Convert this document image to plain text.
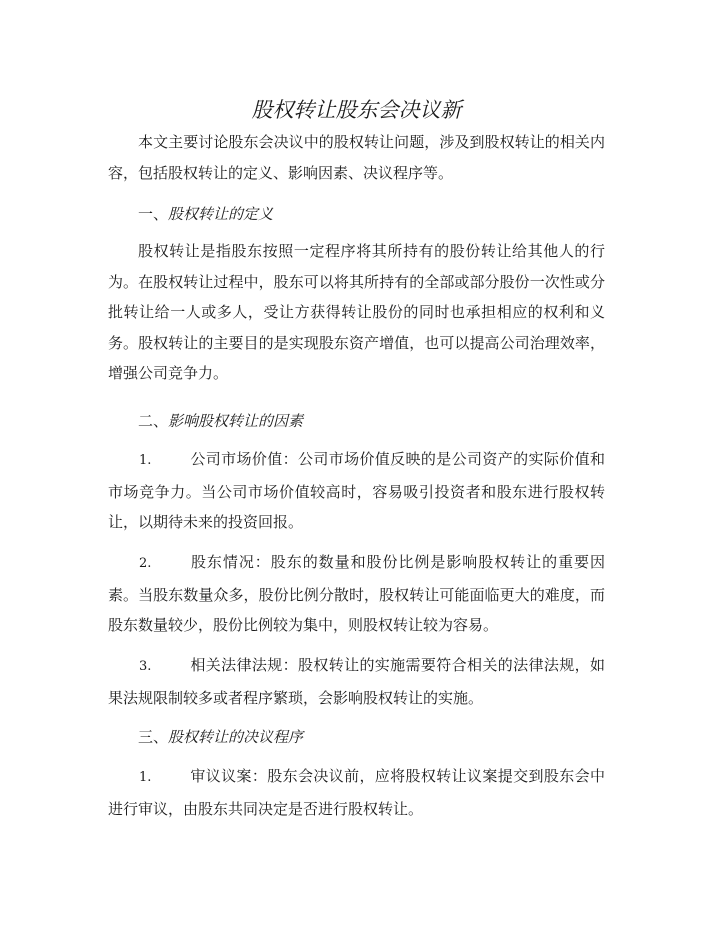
股权转让股东会决议新

本文主要讨论股东会决议中的股权转让问题，涉及到股权转让的相关内容，包括股权转让的定义、影响因素、决议程序等。

一、股权转让的定义

股权转让是指股东按照一定程序将其所持有的股份转让给其他人的行为。在股权转让过程中，股东可以将其所持有的全部或部分股份一次性或分批转让给一人或多人，受让方获得转让股份的同时也承担相应的权利和义务。股权转让的主要目的是实现股东资产增值，也可以提高公司治理效率，增强公司竞争力。

二、影响股权转让的因素

1.	公司市场价值：公司市场价值反映的是公司资产的实际价值和市场竞争力。当公司市场价值较高时，容易吸引投资者和股东进行股权转让，以期待未来的投资回报。

2.	股东情况：股东的数量和股份比例是影响股权转让的重要因素。当股东数量众多，股份比例分散时，股权转让可能面临更大的难度，而股东数量较少，股份比例较为集中，则股权转让较为容易。

3.	相关法律法规：股权转让的实施需要符合相关的法律法规，如果法规限制较多或者程序繁琐，会影响股权转让的实施。

三、股权转让的决议程序

1.	审议议案：股东会决议前，应将股权转让议案提交到股东会中进行审议，由股东共同决定是否进行股权转让。
